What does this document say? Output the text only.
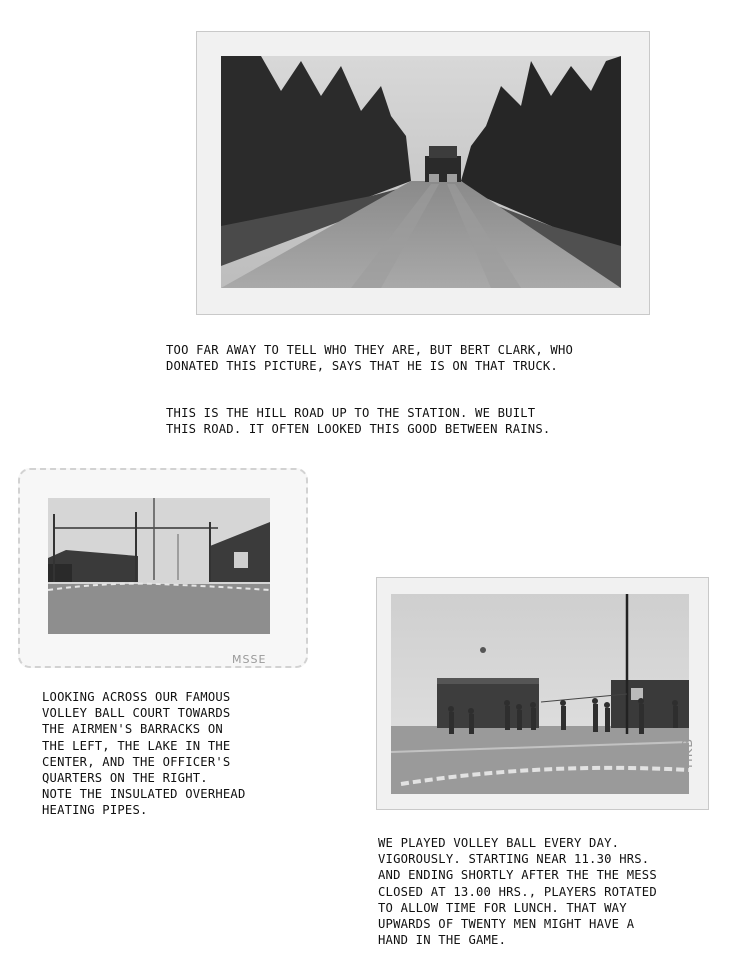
TOO FAR AWAY TO TELL WHO THEY ARE, BUT BERT CLARK, WHO
DONATED THIS PICTURE, SAYS THAT HE IS ON THAT TRUCK.

THIS IS THE HILL ROAD UP TO THE STATION. WE BUILT
THIS ROAD. IT OFTEN LOOKED THIS GOOD BETWEEN RAINS.

MSSE
LOOKING ACROSS OUR FAMOUS
VOLLEY BALL COURT TOWARDS
THE AIRMEN'S BARRACKS ON
THE LEFT, THE LAKE IN THE
CENTER, AND THE OFFICER'S
QUARTERS ON THE RIGHT.
NOTE THE INSULATED OVERHEAD
HEATING PIPES.
HKB
WE PLAYED VOLLEY BALL EVERY DAY.
VIGOROUSLY. STARTING NEAR 11.30 HRS.
AND ENDING SHORTLY AFTER THE THE MESS
CLOSED AT 13.00 HRS., PLAYERS ROTATED
TO ALLOW TIME FOR LUNCH. THAT WAY
UPWARDS OF TWENTY MEN MIGHT HAVE A
HAND IN THE GAME.
